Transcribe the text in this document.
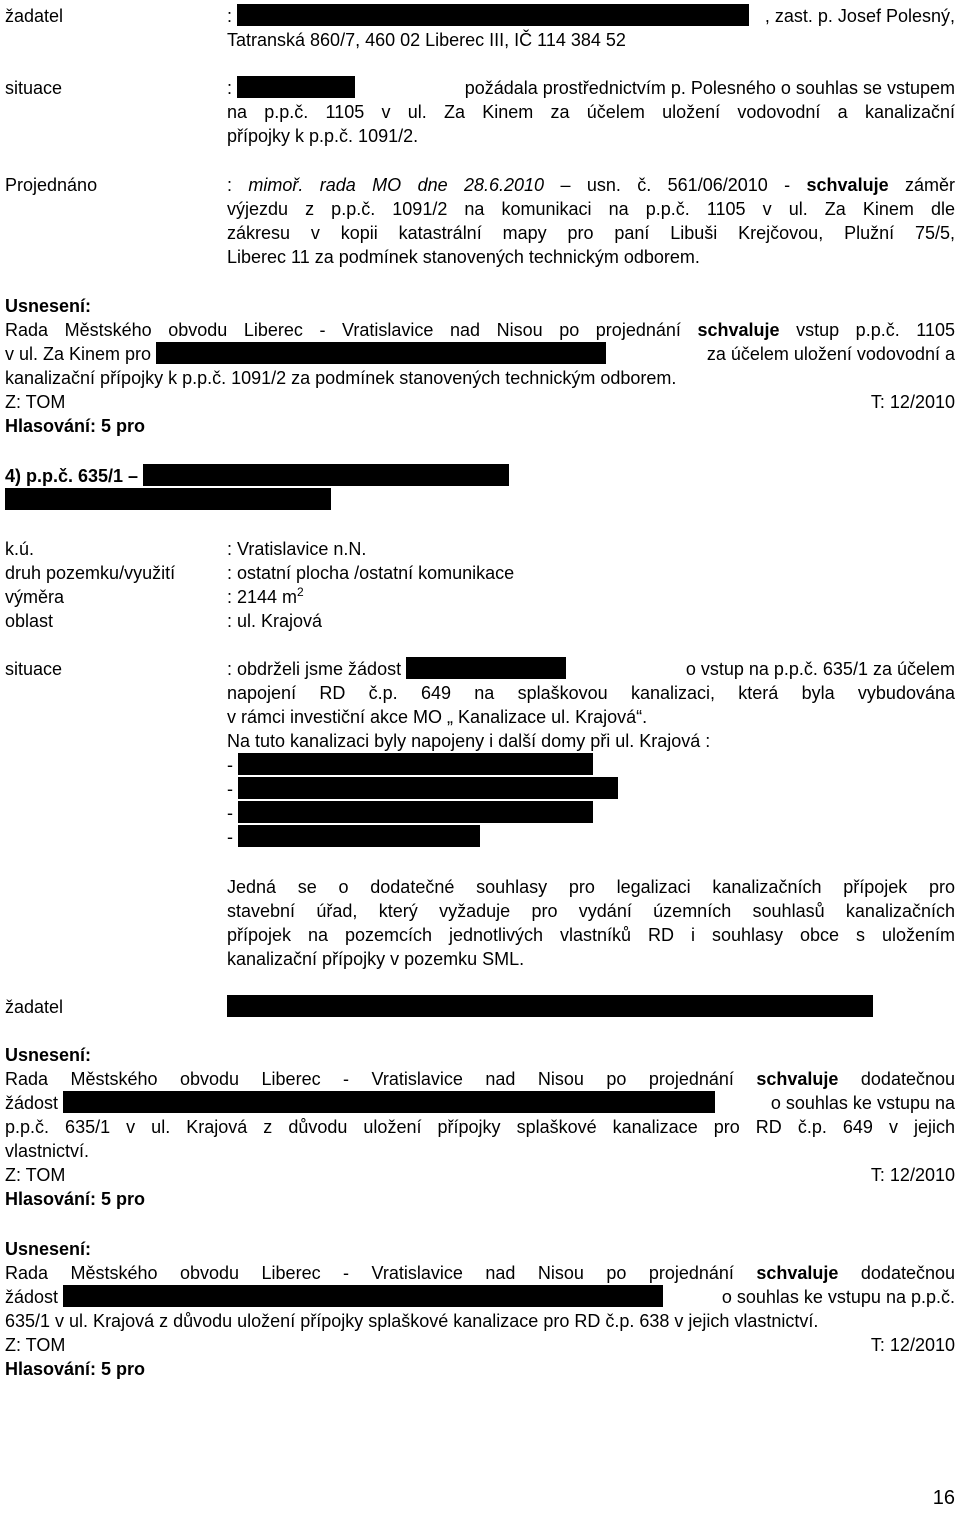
žadatel	:	, zast. p. Josef Polesný,
Tatranská 860/7, 460 02 Liberec III, IČ 114 384 52
situace	:	požádala prostřednictvím p. Polesného o souhlas se vstupem
na p.p.č. 1105 v ul. Za Kinem za účelem uložení vodovodní a kanalizační
přípojky k p.p.č. 1091/2.
Projednáno	: mimoř. rada MO dne 28.6.2010 – usn. č. 561/06/2010 - schvaluje záměr
výjezdu z p.p.č. 1091/2 na komunikaci na p.p.č. 1105 v ul. Za Kinem dle
zákresu v kopii katastrální mapy pro paní Libuši Krejčovou, Plužní 75/5,
Liberec 11 za podmínek stanovených technickým odborem.
Usnesení:
Rada Městského obvodu Liberec - Vratislavice nad Nisou po projednání schvaluje vstup p.p.č. 1105
v ul. Za Kinem pro	za účelem uložení vodovodní a
kanalizační přípojky k p.p.č. 1091/2 za podmínek stanovených technickým odborem.
Z: TOM	T: 12/2010
Hlasování: 5 pro
4) p.p.č. 635/1 –
k.ú.	: Vratislavice n.N.
druh pozemku/využití	: ostatní plocha /ostatní komunikace
výměra	: 2144 $m^2$
oblast	: ul. Krajová
situace	: obdrželi jsme žádost	o vstup na p.p.č. 635/1 za účelem
napojení RD č.p. 649 na splaškovou kanalizaci, která byla vybudována
v rámci investiční akce MO „ Kanalizace ul. Krajová“.
Na tuto kanalizaci byly napojeny i další domy při ul. Krajová :
-
-
-
-
Jedná se o dodatečné souhlasy pro legalizaci kanalizačních přípojek pro
stavební úřad, který vyžaduje pro vydání územních souhlasů kanalizačních
přípojek na pozemcích jednotlivých vlastníků RD i souhlasy obce s uložením
kanalizační přípojky v pozemku SML.
žadatel
Usnesení:
Rada Městského obvodu Liberec - Vratislavice nad Nisou po projednání schvaluje dodatečnou
žádost	o souhlas ke vstupu na
p.p.č. 635/1 v ul. Krajová z důvodu uložení přípojky splaškové kanalizace pro RD č.p. 649 v jejich
vlastnictví.
Z: TOM	T: 12/2010
Hlasování: 5 pro
Usnesení:
Rada Městského obvodu Liberec - Vratislavice nad Nisou po projednání schvaluje dodatečnou
žádost	o souhlas ke vstupu na p.p.č.
635/1 v ul. Krajová z důvodu uložení přípojky splaškové kanalizace pro RD č.p. 638 v jejich vlastnictví.
Z: TOM	T: 12/2010
Hlasování: 5 pro
16
